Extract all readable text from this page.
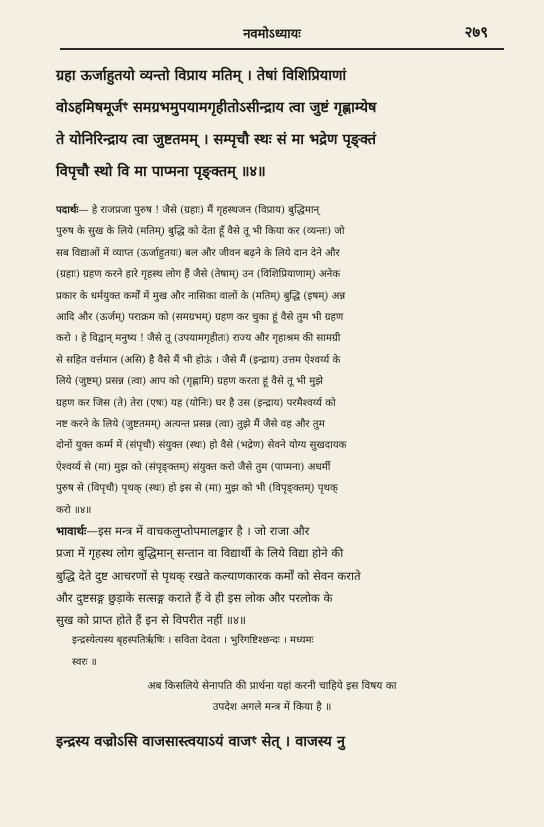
नवमोऽध्यायः	२७९
ग्रहा ऊर्जाहुतयो व्यन्तो विप्राय मतिम् । तेषां विशिप्रियाणां
वोऽहमिषमूर्जꣳ समग्रभमुपयामगृहीतोऽसीन्द्राय त्वा जुष्टं गृह्णाम्येष
ते योनिरिन्द्राय त्वा जुष्टतमम् । सम्पृचौ स्थः सं मा भद्रेण पृङ्क्तं
विपृचौ स्थो वि मा पाप्मना पृङ्क्तम् ॥४॥
पदार्थः— हे राजप्रजा पुरुष ! जैसे (ग्रहाः) मैं गृहस्थजन (विप्राय) बुद्धिमान्
पुरुष के सुख के लिये (मतिम्) बुद्धि को देता हूँ वैसे तू भी किया कर (व्यन्तः) जो
सब विद्याओं में व्याप्त (ऊर्जाहुतयः) बल और जीवन बढ़ने के लिये दान देने और
(ग्रहाः) ग्रहण करने हारे गृहस्थ लोग हैं जैसे (तेषाम्) उन (विशिप्रियाणाम्) अनेक
प्रकार के धर्मयुक्त कर्मों में मुख और नासिका वालों के (मतिम्) बुद्धि (इषम्) अन्न
आदि और (ऊर्जम्) पराक्रम को (समग्रभम्) ग्रहण कर चुका हूं वैसे तुम भी ग्रहण
करो । हे विद्वान् मनुष्य ! जैसे तू (उपयामगृहीतः) राज्य और गृहाश्रम की सामग्री
से सहित वर्त्तमान (असि) है वैसे मैं भी होऊं । जैसे मैं (इन्द्राय) उत्तम ऐश्वर्य्य के
लिये (जुष्टम्) प्रसन्न (त्वा) आप को (गृह्णामि) ग्रहण करता हूं वैसे तू भी मुझे
ग्रहण कर जिस (ते) तेरा (एषः) यह (योनिः) घर है उस (इन्द्राय) परमैश्वर्य्य को
नष्ट करने के लिये (जुष्टतमम्) अत्यन्त प्रसन्न (त्वा) तुझे मैं जैसे वह और तुम
दोनों युक्त कर्म्म में (संपृचौ) संयुक्त (स्थः) हो वैसे (भद्रेण) सेवने योग्य सुखदायक
ऐश्वर्य्य से (मा) मुझ को (संपृङ्क्तम्) संयुक्त करो जैसे तुम (पाप्मना) अधर्मी
पुरुष से (विपृचौ) पृथक् (स्थः) हो इस से (मा) मुझ को भी (विपृङ्क्तम्) पृथक्
करो ॥४॥
भावार्थः—इस मन्त्र में वाचकलुप्तोपमालङ्कार है । जो राजा और
प्रजा में गृहस्थ लोग बुद्धिमान् सन्तान वा विद्यार्थी के लिये विद्या होने की
बुद्धि देते दुष्ट आचरणों से पृथक् रखते कल्याणकारक कर्मों को सेवन कराते
और दुष्टसङ्ग छुड़ाके सत्सङ्ग कराते हैं वे ही इस लोक और परलोक के
सुख को प्राप्त होते हैं इन से विपरीत नहीं ॥४॥
इन्द्रस्येत्यस्य बृहस्पतिर्ऋषिः । सविता देवता । भुरिगष्टिश्छन्दः । मध्यमः
स्वरः ॥
अब किसलिये सेनापति की प्रार्थना यहां करनी चाहिये इस विषय का
उपदेश अगले मन्त्र में किया है ॥
इन्द्रस्य वज्रोऽसि वाजसास्त्वयाऽयं वाजꣳ सेत् । वाजस्य नु
